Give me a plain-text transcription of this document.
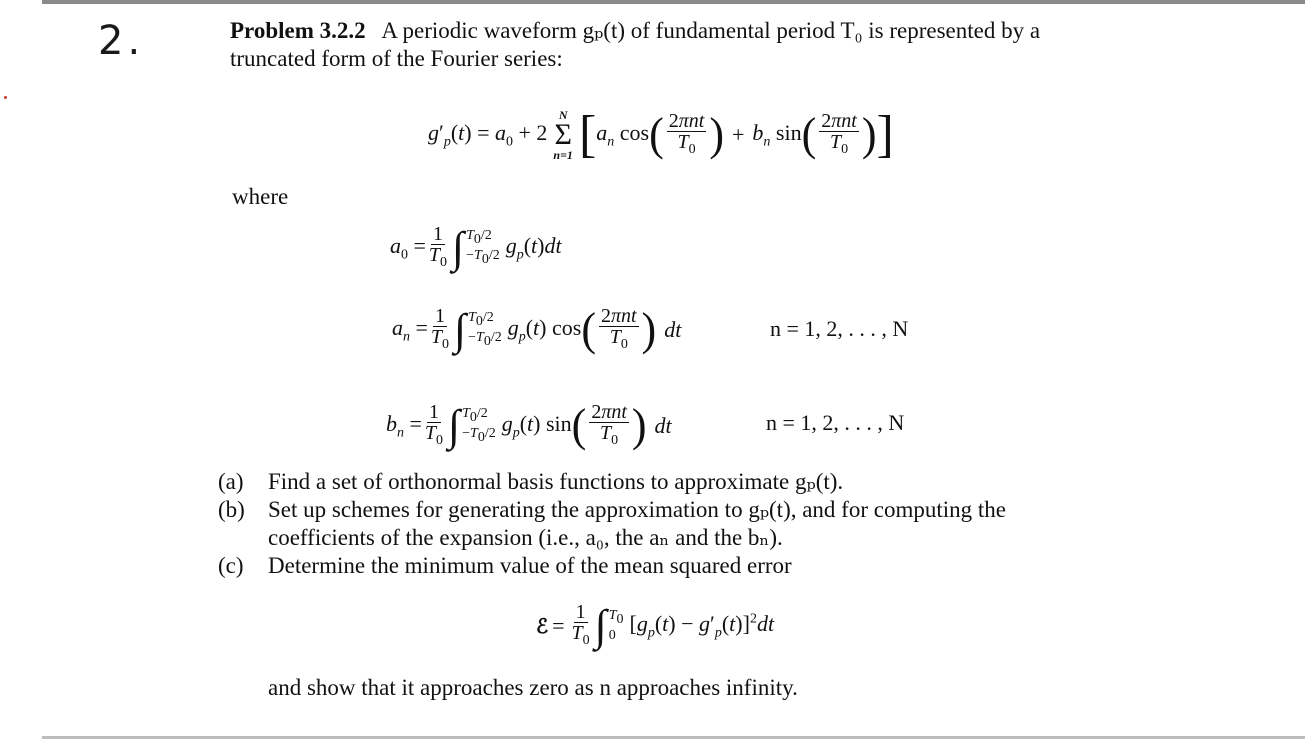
2.	Problem 3.2.2 A periodic waveform gₚ(t) of fundamental period T₀ is represented by a
truncated form of the Fourier series:
$g'_p(t) = a_0 + 2$
N
Σ
n=1 [ $a_n$ cos ( $\frac{\text{2πnt}}{T_0}$ ) + $b_n$ sin ( $\frac{\text{2πnt}}{T_0}$ ) ]
where
$a_0 = \frac{1}{T_0}$ ∫ $T_0/2$
$-T_0/2$ $g_p(t)dt$
$a_n = \frac{1}{T_0}$ ∫ $T_0/2$
$-T_0/2$ $g_p(t)$ cos ( $\frac{\text{2πnt}}{T_0}$ ) dt	n = 1, 2, . . . , N
$b_n = \frac{1}{T_0}$ ∫ $T_0/2$
$-T_0/2$ $g_p(t)$ sin ( $\frac{\text{2πnt}}{T_0}$ ) dt	n = 1, 2, . . . , N
(a) Find a set of orthonormal basis functions to approximate gₚ(t).
(b) Set up schemes for generating the approximation to gₚ(t), and for computing the
coefficients of the expansion (i.e., a₀, the aₙ and the bₙ).
(c) Determine the minimum value of the mean squared error
ℰ = $\frac{1}{T_0}$ ∫ $T_0$
0 $[g_p(t) - g'_p(t)]^2dt$
and show that it approaches zero as n approaches infinity.
